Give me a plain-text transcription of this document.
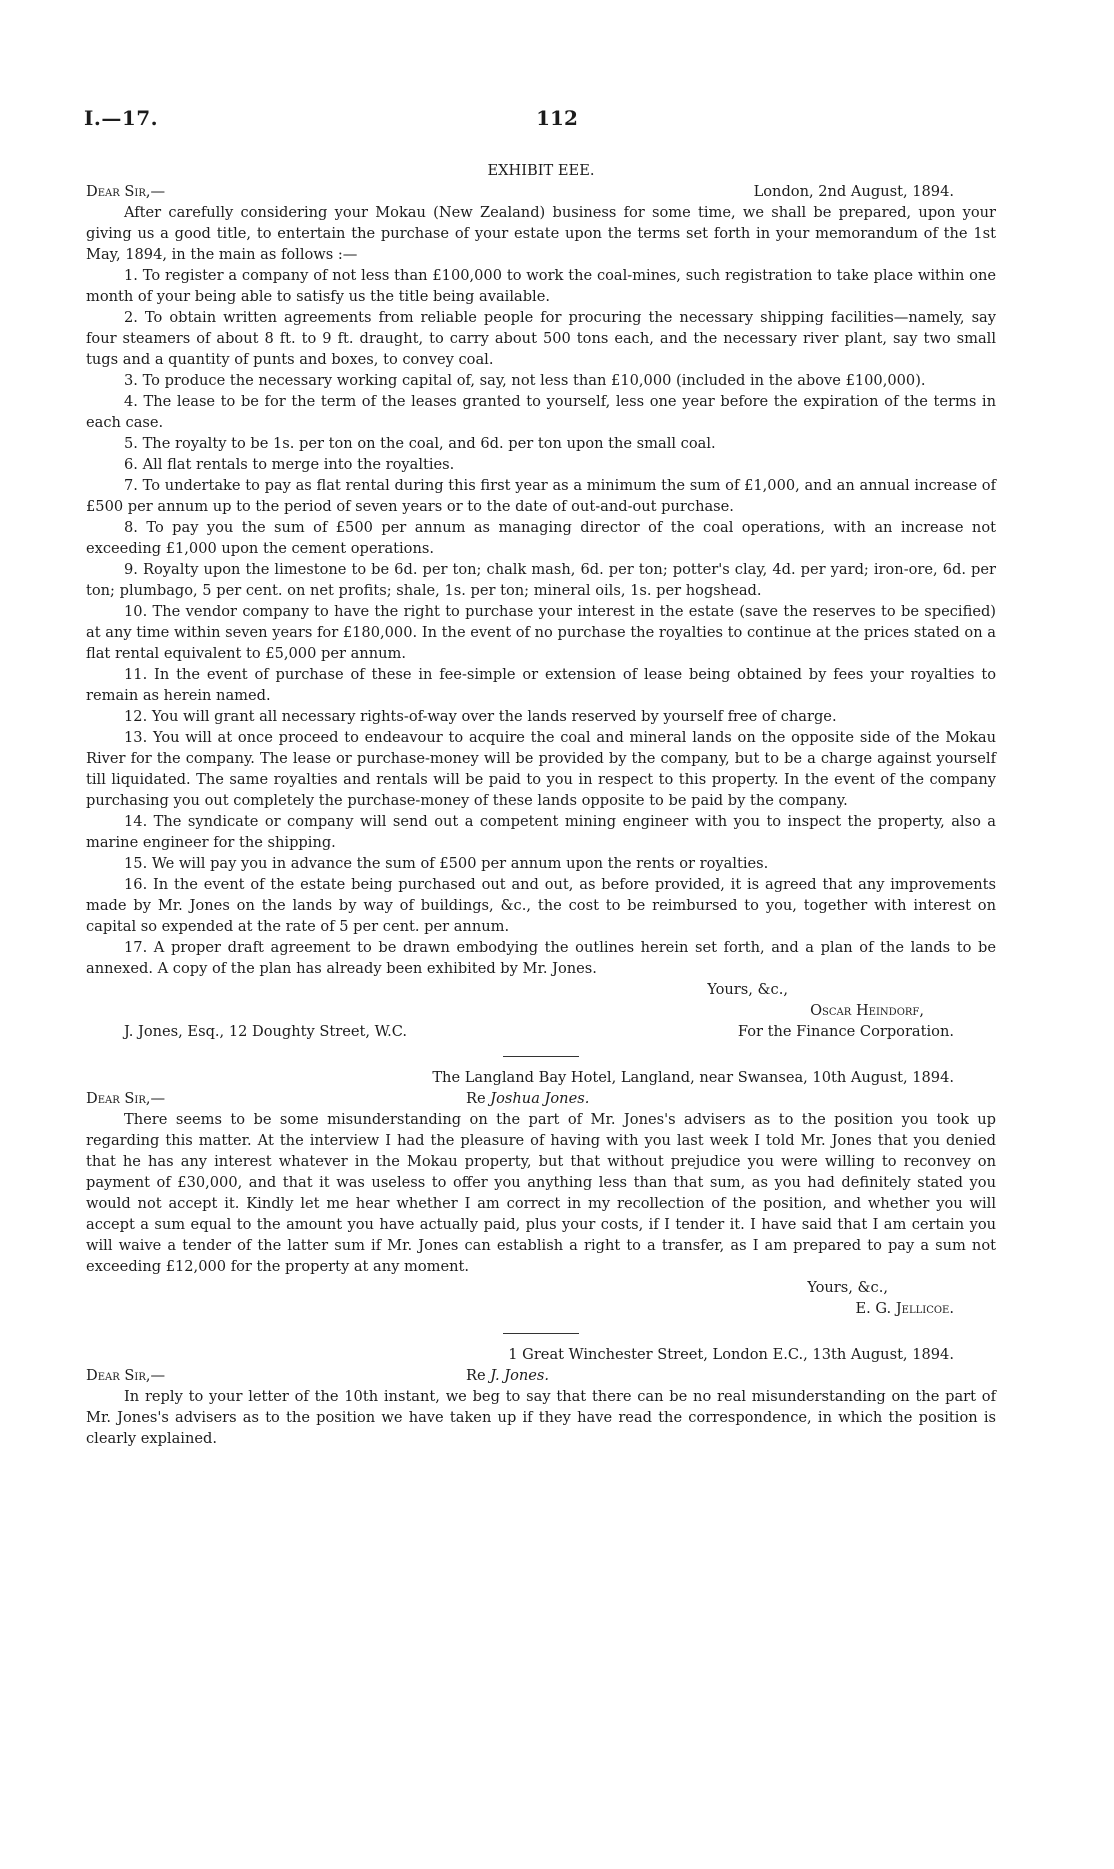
I.—17.	112

EXHIBIT EEE.

Dear Sir,—	London, 2nd August, 1894.

After carefully considering your Mokau (New Zealand) business for some time, we shall be prepared, upon your giving us a good title, to entertain the purchase of your estate upon the terms set forth in your memorandum of the 1st May, 1894, in the main as follows :—

1. To register a company of not less than £100,000 to work the coal-mines, such registration to take place within one month of your being able to satisfy us the title being available.

2. To obtain written agreements from reliable people for procuring the necessary shipping facilities—namely, say four steamers of about 8 ft. to 9 ft. draught, to carry about 500 tons each, and the necessary river plant, say two small tugs and a quantity of punts and boxes, to convey coal.

3. To produce the necessary working capital of, say, not less than £10,000 (included in the above £100,000).

4. The lease to be for the term of the leases granted to yourself, less one year before the expiration of the terms in each case.

5. The royalty to be 1s. per ton on the coal, and 6d. per ton upon the small coal.

6. All flat rentals to merge into the royalties.

7. To undertake to pay as flat rental during this first year as a minimum the sum of £1,000, and an annual increase of £500 per annum up to the period of seven years or to the date of out-and-out purchase.

8. To pay you the sum of £500 per annum as managing director of the coal operations, with an increase not exceeding £1,000 upon the cement operations.

9. Royalty upon the limestone to be 6d. per ton; chalk mash, 6d. per ton; potter's clay, 4d. per yard; iron-ore, 6d. per ton; plumbago, 5 per cent. on net profits; shale, 1s. per ton; mineral oils, 1s. per hogshead.

10. The vendor company to have the right to purchase your interest in the estate (save the reserves to be specified) at any time within seven years for £180,000. In the event of no purchase the royalties to continue at the prices stated on a flat rental equivalent to £5,000 per annum.

11. In the event of purchase of these in fee-simple or extension of lease being obtained by fees your royalties to remain as herein named.

12. You will grant all necessary rights-of-way over the lands reserved by yourself free of charge.

13. You will at once proceed to endeavour to acquire the coal and mineral lands on the opposite side of the Mokau River for the company. The lease or purchase-money will be provided by the company, but to be a charge against yourself till liquidated. The same royalties and rentals will be paid to you in respect to this property. In the event of the company purchasing you out completely the purchase-money of these lands opposite to be paid by the company.

14. The syndicate or company will send out a competent mining engineer with you to inspect the property, also a marine engineer for the shipping.

15. We will pay you in advance the sum of £500 per annum upon the rents or royalties.

16. In the event of the estate being purchased out and out, as before provided, it is agreed that any improvements made by Mr. Jones on the lands by way of buildings, &c., the cost to be reimbursed to you, together with interest on capital so expended at the rate of 5 per cent. per annum.

17. A proper draft agreement to be drawn embodying the outlines herein set forth, and a plan of the lands to be annexed. A copy of the plan has already been exhibited by Mr. Jones.

Yours, &c.,
Oscar Heindorf,
J. Jones, Esq., 12 Doughty Street, W.C.	For the Finance Corporation.

The Langland Bay Hotel, Langland, near Swansea, 10th August, 1894.

Dear Sir,—	Re Joshua Jones.

There seems to be some misunderstanding on the part of Mr. Jones's advisers as to the position you took up regarding this matter. At the interview I had the pleasure of having with you last week I told Mr. Jones that you denied that he has any interest whatever in the Mokau property, but that without prejudice you were willing to reconvey on payment of £30,000, and that it was useless to offer you anything less than that sum, as you had definitely stated you would not accept it. Kindly let me hear whether I am correct in my recollection of the position, and whether you will accept a sum equal to the amount you have actually paid, plus your costs, if I tender it. I have said that I am certain you will waive a tender of the latter sum if Mr. Jones can establish a right to a transfer, as I am prepared to pay a sum not exceeding £12,000 for the property at any moment.

Yours, &c.,
E. G. Jellicoe.

1 Great Winchester Street, London E.C., 13th August, 1894.

Dear Sir,—	Re J. Jones.

In reply to your letter of the 10th instant, we beg to say that there can be no real misunderstanding on the part of Mr. Jones's advisers as to the position we have taken up if they have read the correspondence, in which the position is clearly explained.
